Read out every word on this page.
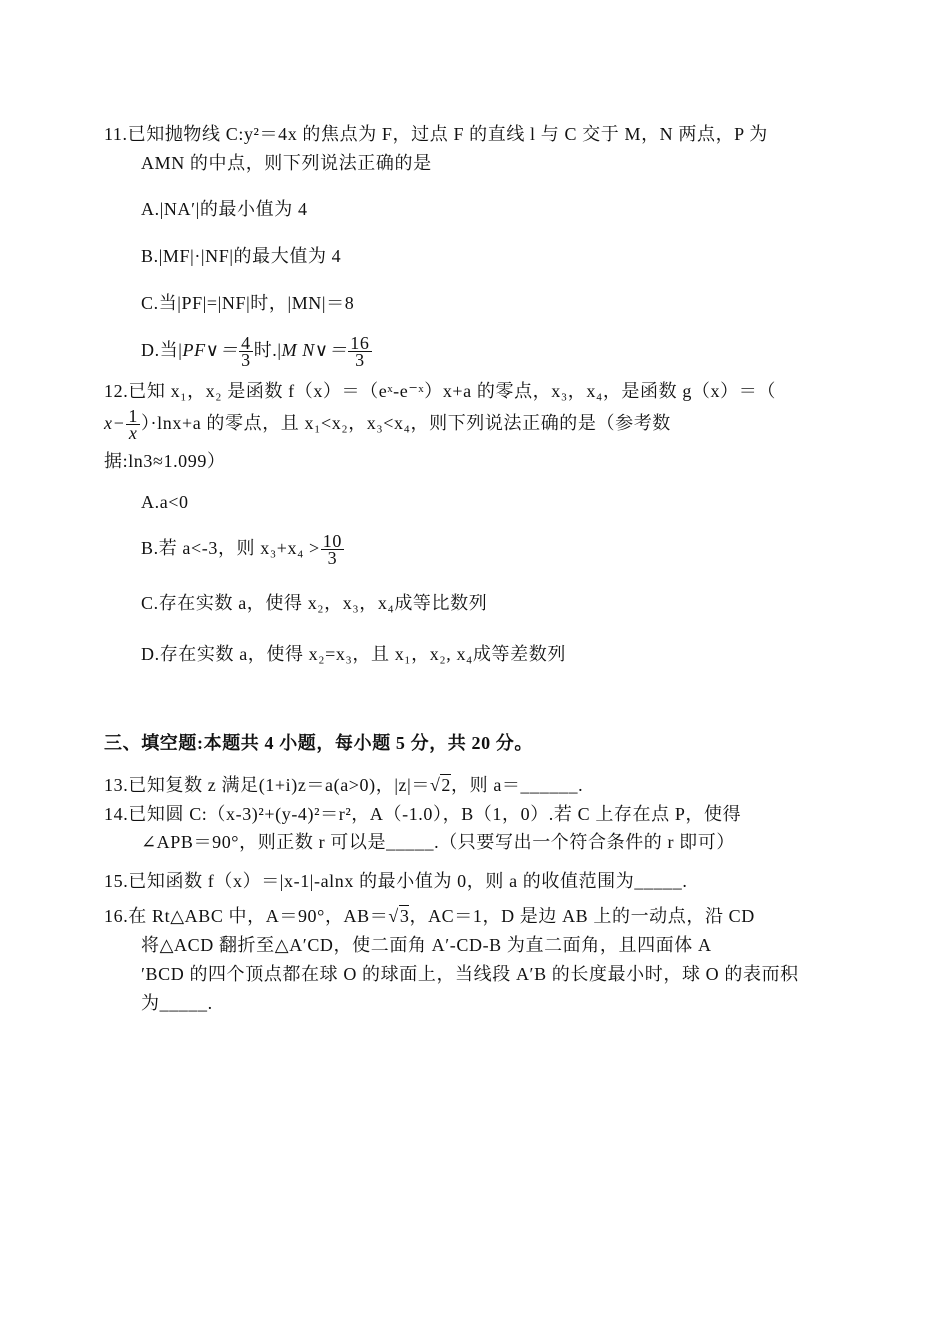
11.已知抛物线 C:y²＝4x 的焦点为 F，过点 F 的直线 l 与 C 交于 M，N 两点，P 为
AMN 的中点，则下列说法正确的是
A.|NA′|的最小值为 4
B.|MF|·|NF|的最大值为 4
C.当|PF|=|NF|时，|MN|＝8
D.当|PF∨＝ $\frac{4}{3}$ 时.|M N∨＝ $\frac{16}{3}$
12.已知 x₁，x₂ 是函数 f（x）＝（eˣ-e⁻ˣ）x+a 的零点，x₃，x₄，是函数 g（x）＝（
$x- \frac{1}{x} )\cdot\ln x+a$ 的零点，且 x₁<x₂，x₃<x₄，则下列说法正确的是（参考数
据:ln3≈1.099）
A.a<0
B.若 a<-3，则 $x_3+x_4 > \frac{10}{3}$
C.存在实数 a，使得 x₂，x₃，x₄成等比数列
D.存在实数 a，使得 x₂=x₃，且 x₁，x₂, x₄成等差数列
三、填空题:本题共 4 小题，每小题 5 分，共 20 分。
13.已知复数 z 满足(1+i)z＝a(a>0)，|z|＝√2，则 a＝______.
14.已知圆 C:（x-3)²+(y-4)²＝r²，A（-1.0），B（1，0）.若 C 上存在点 P，使得
∠APB＝90°，则正数 r 可以是_____.（只要写出一个符合条件的 r 即可）
15.已知函数 f（x）＝|x-1|-alnx 的最小值为 0，则 a 的收值范围为_____.
16.在 Rt△ABC 中，A＝90°，AB＝√3，AC＝1，D 是边 AB 上的一动点，沿 CD
将△ACD 翻折至△A′CD，使二面角 A′-CD-B 为直二面角，且四面体 A
′BCD 的四个顶点都在球 O 的球面上，当线段 A′B 的长度最小时，球 O 的表而积
为_____.
